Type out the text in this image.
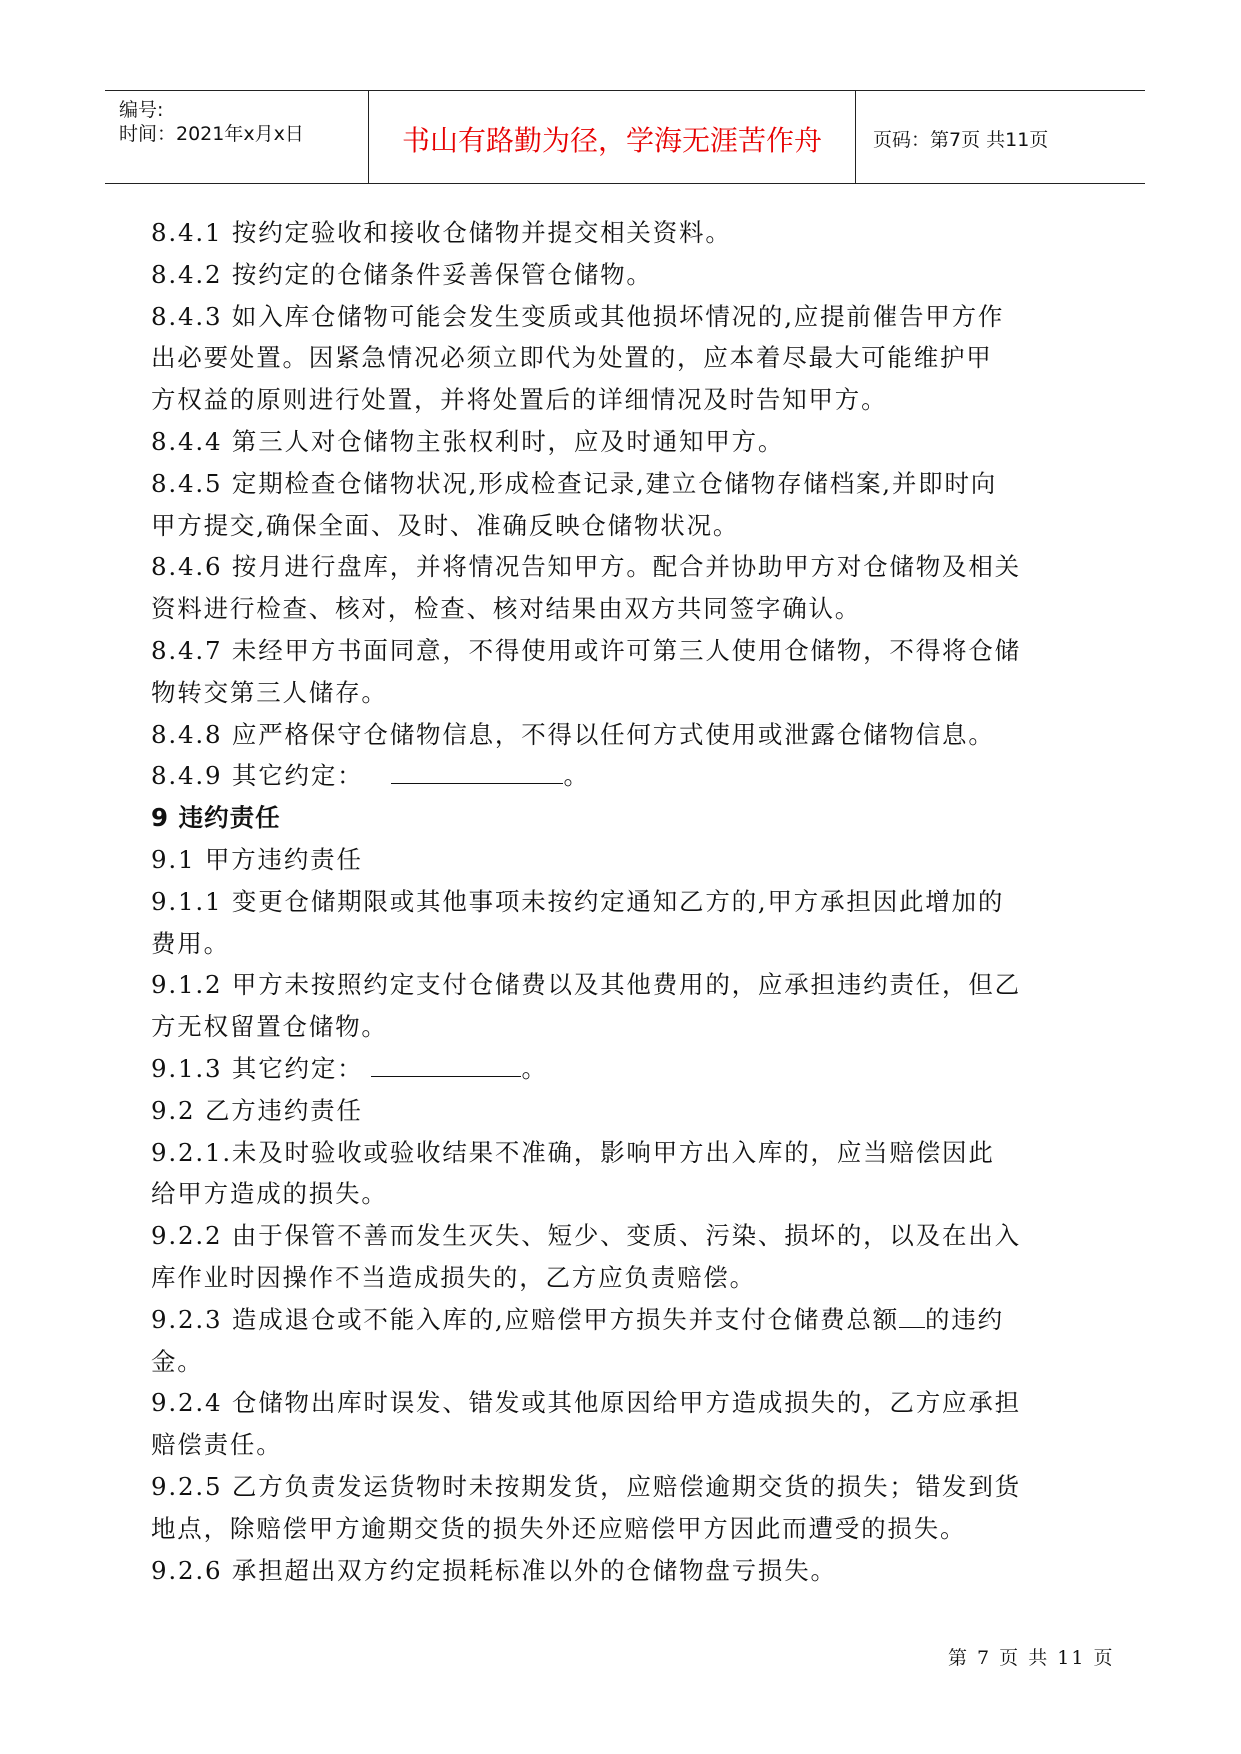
编号:
时间：2021年x月x日	书山有路勤为径，学海无涯苦作舟	页码：第7页 共11页
8.4.1 按约定验收和接收仓储物并提交相关资料。
8.4.2 按约定的仓储条件妥善保管仓储物。
8.4.3 如入库仓储物可能会发生变质或其他损坏情况的,应提前催告甲方作
出必要处置。因紧急情况必须立即代为处置的，应本着尽最大可能维护甲
方权益的原则进行处置，并将处置后的详细情况及时告知甲方。
8.4.4 第三人对仓储物主张权利时，应及时通知甲方。
8.4.5 定期检查仓储物状况,形成检查记录,建立仓储物存储档案,并即时向
甲方提交,确保全面、及时、准确反映仓储物状况。
8.4.6 按月进行盘库，并将情况告知甲方。配合并协助甲方对仓储物及相关
资料进行检查、核对，检查、核对结果由双方共同签字确认。
8.4.7 未经甲方书面同意，不得使用或许可第三人使用仓储物，不得将仓储
物转交第三人储存。
8.4.8 应严格保守仓储物信息，不得以任何方式使用或泄露仓储物信息。
8.4.9 其它约定：	。
9 违约责任
9.1 甲方违约责任
9.1.1 变更仓储期限或其他事项未按约定通知乙方的,甲方承担因此增加的
费用。
9.1.2 甲方未按照约定支付仓储费以及其他费用的，应承担违约责任，但乙
方无权留置仓储物。
9.1.3 其它约定：	。
9.2 乙方违约责任
9.2.1.未及时验收或验收结果不准确，影响甲方出入库的，应当赔偿因此
给甲方造成的损失。
9.2.2 由于保管不善而发生灭失、短少、变质、污染、损坏的，以及在出入
库作业时因操作不当造成损失的，乙方应负责赔偿。
9.2.3 造成退仓或不能入库的,应赔偿甲方损失并支付仓储费总额 的违约
金。
9.2.4 仓储物出库时误发、错发或其他原因给甲方造成损失的，乙方应承担
赔偿责任。
9.2.5 乙方负责发运货物时未按期发货，应赔偿逾期交货的损失；错发到货
地点，除赔偿甲方逾期交货的损失外还应赔偿甲方因此而遭受的损失。
9.2.6 承担超出双方约定损耗标准以外的仓储物盘亏损失。
第 7 页 共 11 页
